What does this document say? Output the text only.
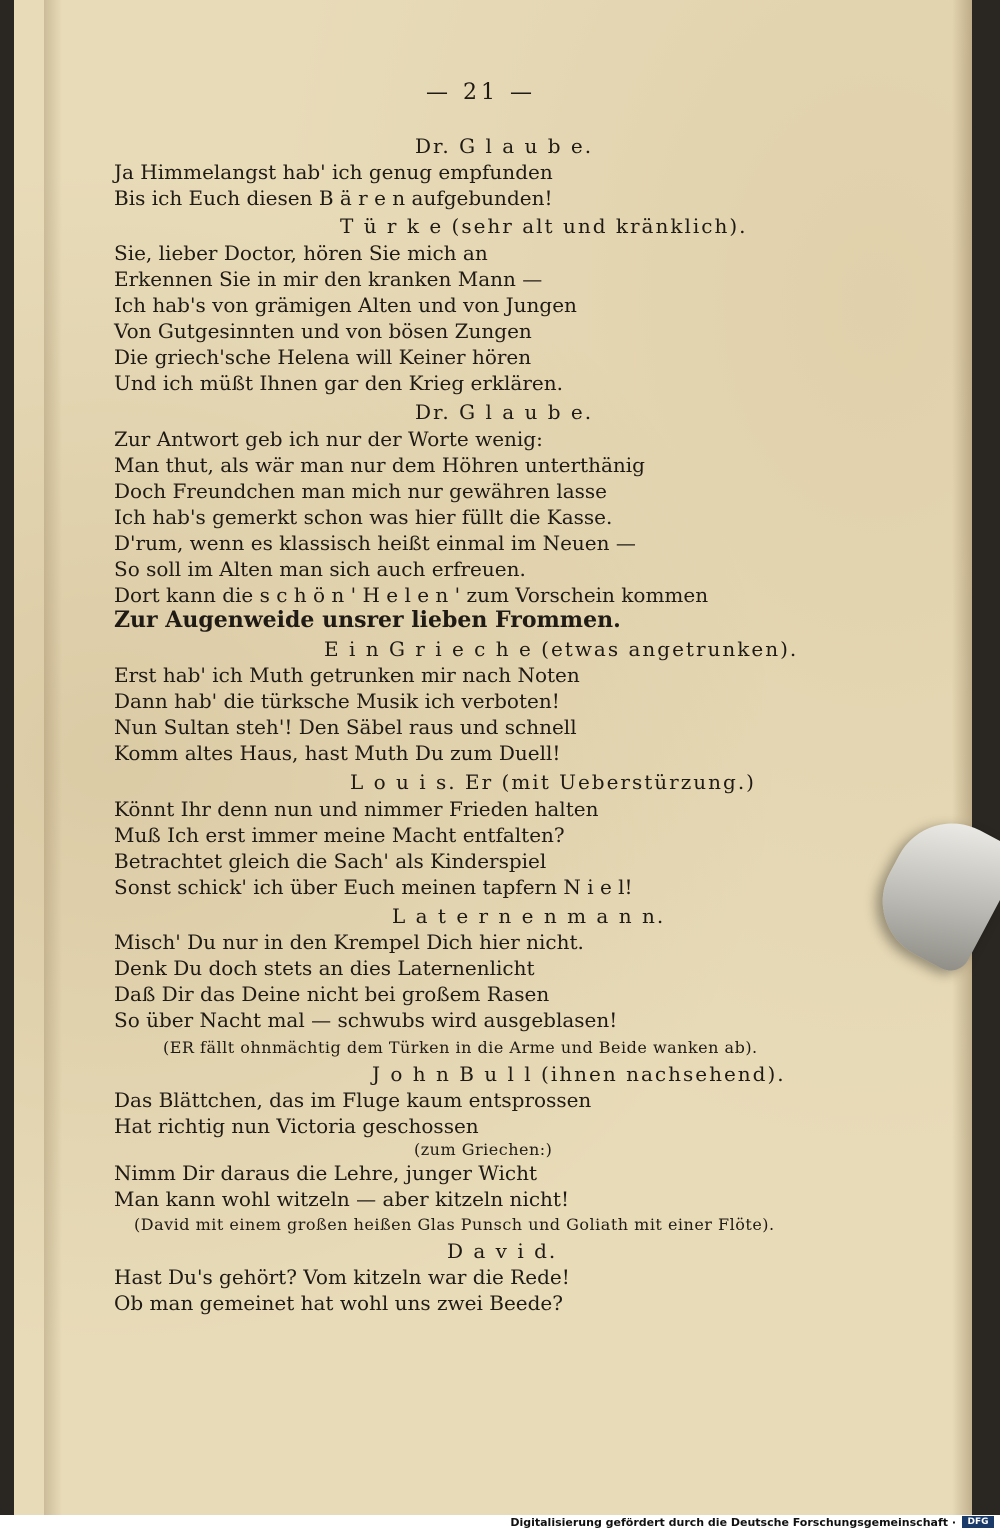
— 21 —
Dr. G l a u b e.
Ja Himmelangst hab' ich genug empfunden
Bis ich Euch diesen B ä r e n aufgebunden!
T ü r k e (sehr alt und kränklich).
Sie, lieber Doctor, hören Sie mich an
Erkennen Sie in mir den kranken Mann —
Ich hab's von grämigen Alten und von Jungen
Von Gutgesinnten und von bösen Zungen
Die griech'sche Helena will Keiner hören
Und ich müßt Ihnen gar den Krieg erklären.
Dr. G l a u b e.
Zur Antwort geb ich nur der Worte wenig:
Man thut, als wär man nur dem Höhren unterthänig
Doch Freundchen man mich nur gewähren lasse
Ich hab's gemerkt schon was hier füllt die Kasse.
D'rum, wenn es klassisch heißt einmal im Neuen —
So soll im Alten man sich auch erfreuen.
Dort kann die s c h ö n ' H e l e n ' zum Vorschein kommen
Zur Augenweide unsrer lieben Frommen.
E i n G r i e c h e (etwas angetrunken).
Erst hab' ich Muth getrunken mir nach Noten
Dann hab' die türksche Musik ich verboten!
Nun Sultan steh'! Den Säbel raus und schnell
Komm altes Haus, hast Muth Du zum Duell!
L o u i s. Er (mit Ueberstürzung.)
Könnt Ihr denn nun und nimmer Frieden halten
Muß Ich erst immer meine Macht entfalten?
Betrachtet gleich die Sach' als Kinderspiel
Sonst schick' ich über Euch meinen tapfern N i e l!
L a t e r n e n m a n n.
Misch' Du nur in den Krempel Dich hier nicht.
Denk Du doch stets an dies Laternenlicht
Daß Dir das Deine nicht bei großem Rasen
So über Nacht mal — schwubs wird ausgeblasen!
(ER fällt ohnmächtig dem Türken in die Arme und Beide wanken ab).
J o h n B u l l (ihnen nachsehend).
Das Blättchen, das im Fluge kaum entsprossen
Hat richtig nun Victoria geschossen
(zum Griechen:)
Nimm Dir daraus die Lehre, junger Wicht
Man kann wohl witzeln — aber kitzeln nicht!
(David mit einem großen heißen Glas Punsch und Goliath mit einer Flöte).
D a v i d.
Hast Du's gehört? Vom kitzeln war die Rede!
Ob man gemeinet hat wohl uns zwei Beede?
Digitalisierung gefördert durch die Deutsche Forschungsgemeinschaft ·	DFG
